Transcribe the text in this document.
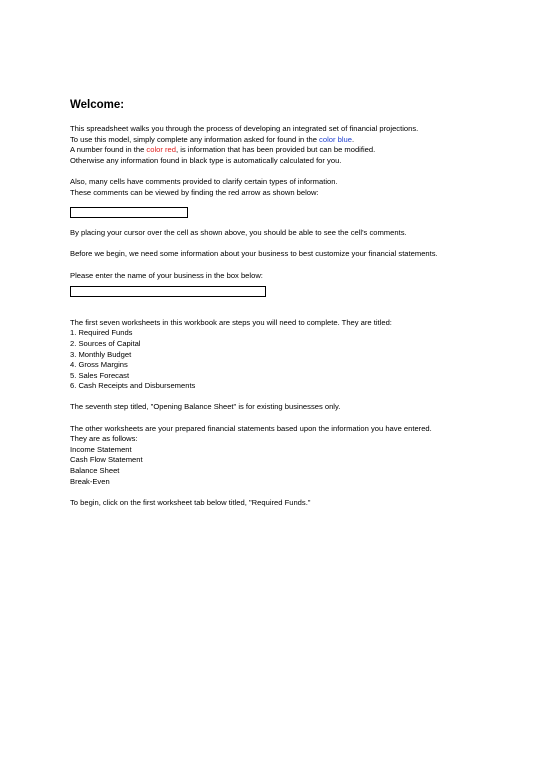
Welcome:
This spreadsheet walks you through the process of developing an integrated set of financial projections.
To use this model, simply complete any information asked for found in the color blue.
A number found in the color red, is information that has been provided but can be modified.
Otherwise any information found in black type is automatically calculated for you.
Also, many cells have comments provided to clarify certain types of information.
These comments can be viewed by finding the red arrow as shown below:
By placing your cursor over the cell as shown above, you should be able to see the cell's comments.
Before we begin, we need some information about your business to best customize your financial statements.
Please enter the name of your business in the box below:
The first seven worksheets in this workbook are steps you will need to complete. They are titled:
1. Required Funds
2. Sources of Capital
3. Monthly Budget
4. Gross Margins
5. Sales Forecast
6. Cash Receipts and Disbursements
The seventh step titled, "Opening Balance Sheet" is for existing businesses only.
The other worksheets are your prepared financial statements based upon the information you have entered.
They are as follows:
Income Statement
Cash Flow Statement
Balance Sheet
Break-Even
To begin, click on the first worksheet tab below titled, "Required Funds."
